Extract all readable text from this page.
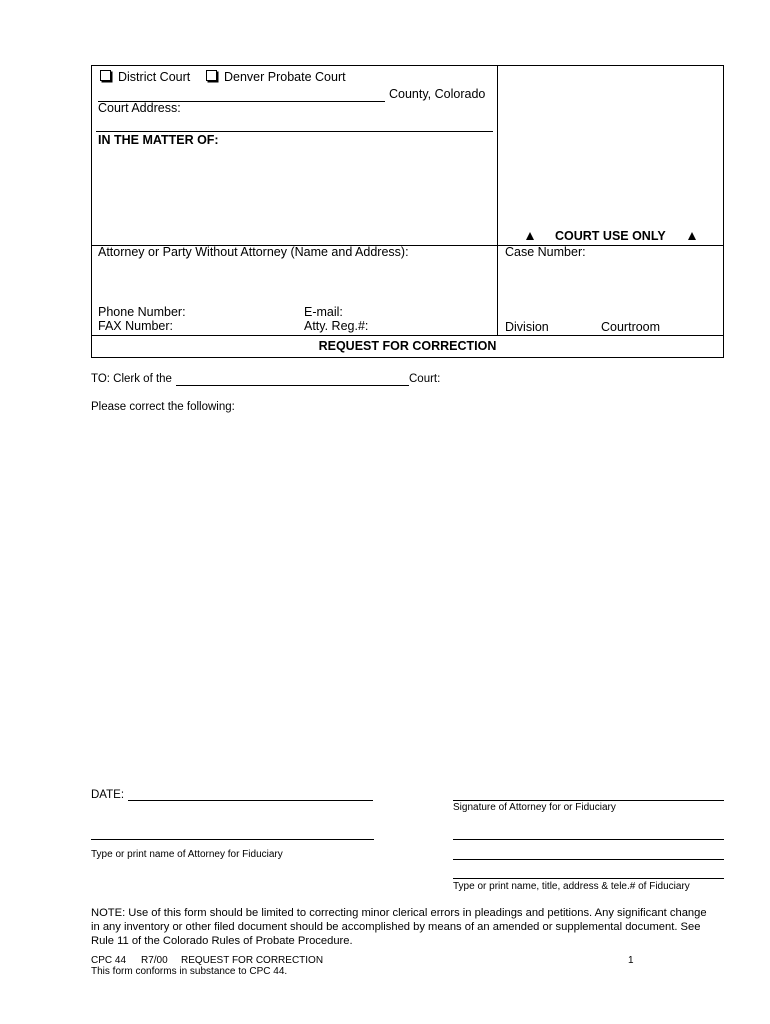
District Court	Denver Probate Court
County, Colorado
Court Address:
IN THE MATTER OF:
COURT USE ONLY
Attorney or Party Without Attorney (Name and Address):	Case Number:
Phone Number:	E-mail:
FAX Number:	Atty. Reg.#:	Division	Courtroom
REQUEST FOR CORRECTION
TO: Clerk of the	Court:
Please correct the following:
DATE:
Signature of Attorney for or Fiduciary
Type or print name of Attorney for Fiduciary
Type or print name, title, address & tele.# of Fiduciary
NOTE: Use of this form should be limited to correcting minor clerical errors in pleadings and petitions. Any significant change
in any inventory or other filed document should be accomplished by means of an amended or supplemental document. See
Rule 11 of the Colorado Rules of Probate Procedure.
CPC 44 R7/00 REQUEST FOR CORRECTION	1
This form conforms in substance to CPC 44.
